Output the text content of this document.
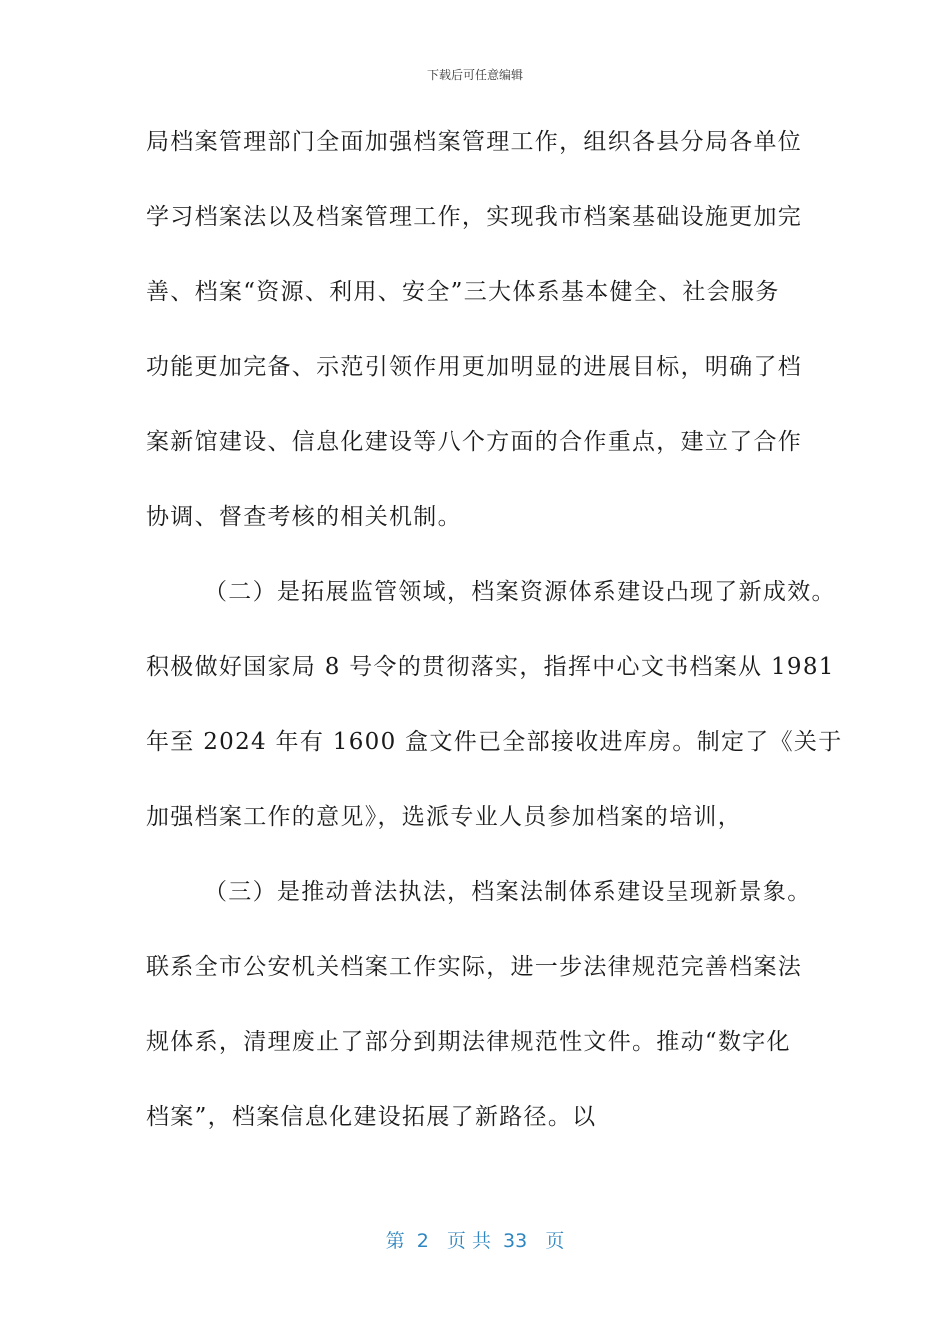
下载后可任意编辑
局档案管理部门全面加强档案管理工作，组织各县分局各单位
学习档案法以及档案管理工作，实现我市档案基础设施更加完
善、档案“资源、利用、安全”三大体系基本健全、社会服务
功能更加完备、示范引领作用更加明显的进展目标，明确了档
案新馆建设、信息化建设等八个方面的合作重点，建立了合作
协调、督查考核的相关机制。
（二）是拓展监管领域，档案资源体系建设凸现了新成效。
积极做好国家局 8 号令的贯彻落实，指挥中心文书档案从 1981
年至 2024 年有 1600 盒文件已全部接收进库房。制定了《关于
加强档案工作的意见》，选派专业人员参加档案的培训，
（三）是推动普法执法，档案法制体系建设呈现新景象。
联系全市公安机关档案工作实际，进一步法律规范完善档案法
规体系，清理废止了部分到期法律规范性文件。推动“数字化
档案”，档案信息化建设拓展了新路径。以
第  2   页 共  33   页
